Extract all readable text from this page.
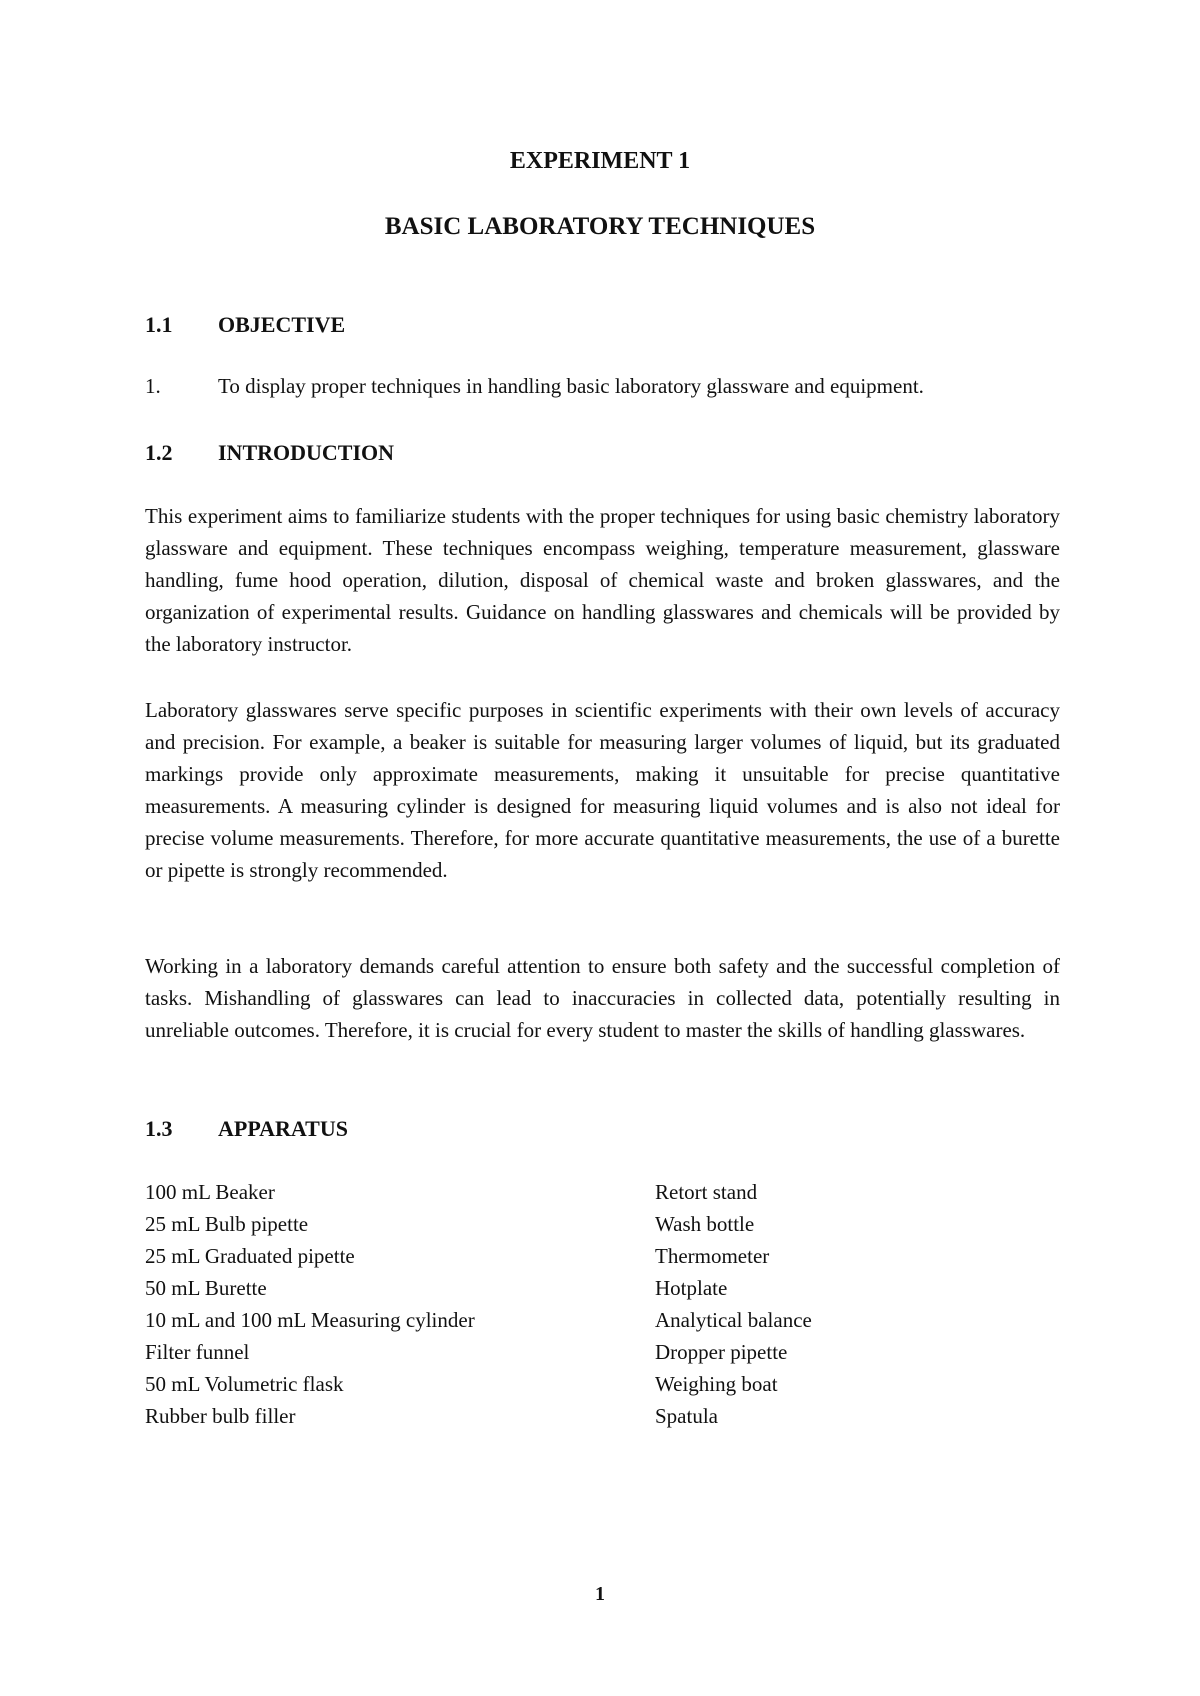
EXPERIMENT 1
BASIC LABORATORY TECHNIQUES
1.1 OBJECTIVE
1.	To display proper techniques in handling basic laboratory glassware and equipment.
1.2 INTRODUCTION

This experiment aims to familiarize students with the proper techniques for using basic chemistry laboratory glassware and equipment. These techniques encompass weighing, temperature measurement, glassware handling, fume hood operation, dilution, disposal of chemical waste and broken glasswares, and the organization of experimental results. Guidance on handling glasswares and chemicals will be provided by the laboratory instructor.

Laboratory glasswares serve specific purposes in scientific experiments with their own levels of accuracy and precision. For example, a beaker is suitable for measuring larger volumes of liquid, but its graduated markings provide only approximate measurements, making it unsuitable for precise quantitative measurements. A measuring cylinder is designed for measuring liquid volumes and is also not ideal for precise volume measurements. Therefore, for more accurate quantitative measurements, the use of a burette or pipette is strongly recommended.

Working in a laboratory demands careful attention to ensure both safety and the successful completion of tasks. Mishandling of glasswares can lead to inaccuracies in collected data, potentially resulting in unreliable outcomes. Therefore, it is crucial for every student to master the skills of handling glasswares.

1.3 APPARATUS
100 mL Beaker
25 mL Bulb pipette
25 mL Graduated pipette
50 mL Burette
10 mL and 100 mL Measuring cylinder
Filter funnel
50 mL Volumetric flask
Rubber bulb filler
Retort stand
Wash bottle
Thermometer
Hotplate
Analytical balance
Dropper pipette
Weighing boat
Spatula
1
